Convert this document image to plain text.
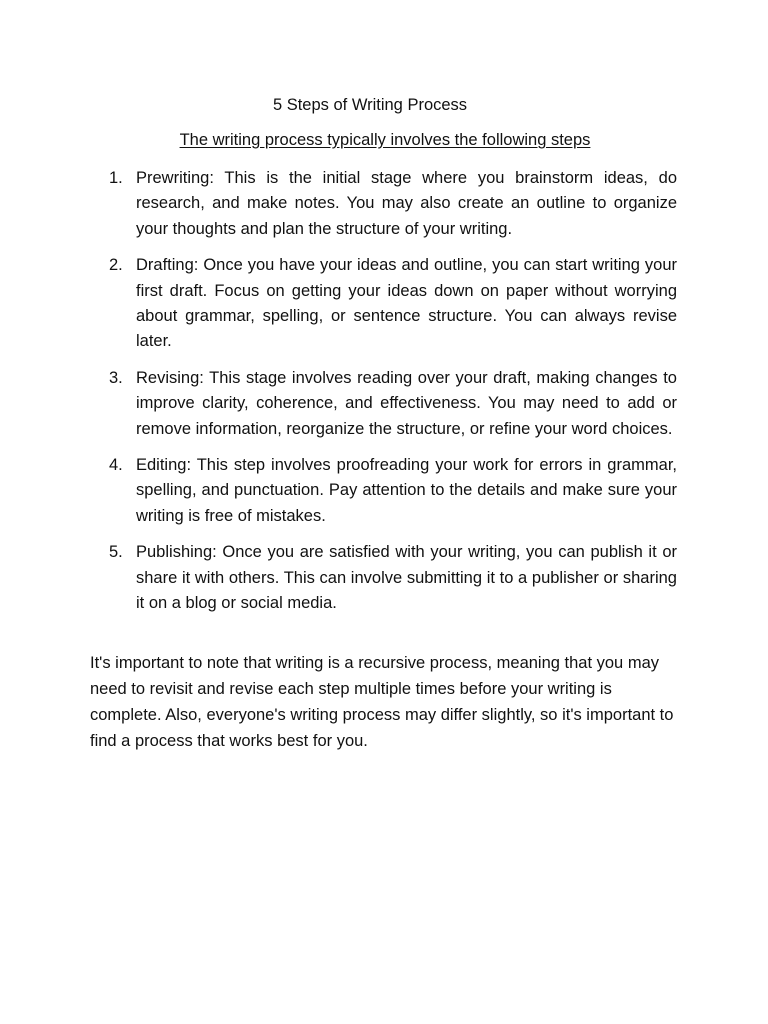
5 Steps of Writing Process

The writing process typically involves the following steps

1. Prewriting: This is the initial stage where you brainstorm ideas, do research, and make notes. You may also create an outline to organize your thoughts and plan the structure of your writing.
2. Drafting: Once you have your ideas and outline, you can start writing your first draft. Focus on getting your ideas down on paper without worrying about grammar, spelling, or sentence structure. You can always revise later.
3. Revising: This stage involves reading over your draft, making changes to improve clarity, coherence, and effectiveness. You may need to add or remove information, reorganize the structure, or refine your word choices.
4. Editing: This step involves proofreading your work for errors in grammar, spelling, and punctuation. Pay attention to the details and make sure your writing is free of mistakes.
5. Publishing: Once you are satisfied with your writing, you can publish it or share it with others. This can involve submitting it to a publisher or sharing it on a blog or social media.

It's important to note that writing is a recursive process, meaning that you may need to revisit and revise each step multiple times before your writing is complete. Also, everyone's writing process may differ slightly, so it's important to find a process that works best for you.
